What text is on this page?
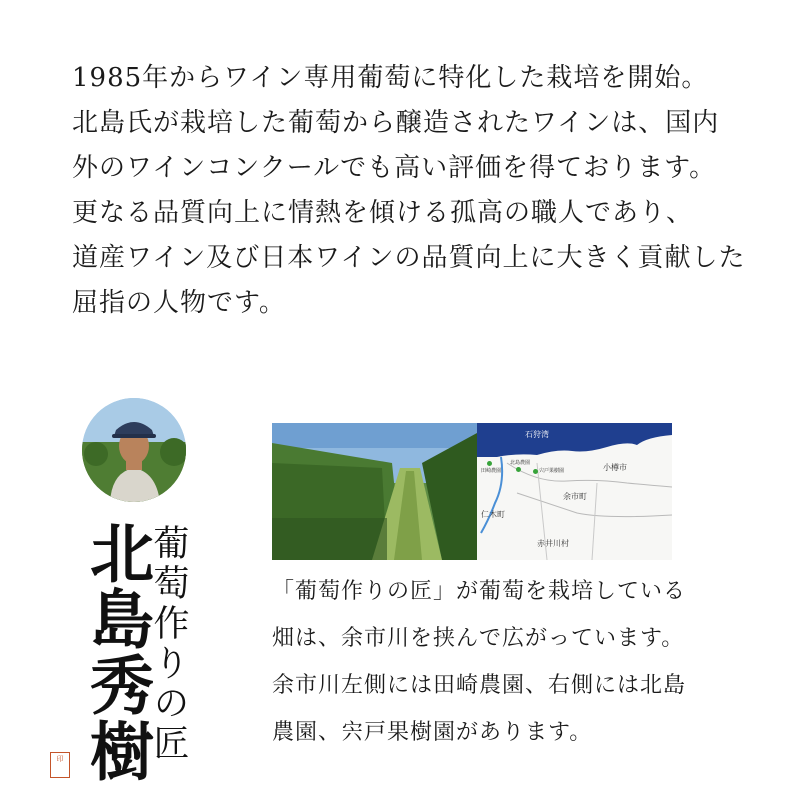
1985年からワイン専用葡萄に特化した栽培を開始。

北島氏が栽培した葡萄から醸造されたワインは、国内

外のワインコンクールでも高い評価を得ております。

更なる品質向上に情熱を傾ける孤高の職人であり、

道産ワイン及び日本ワインの品質向上に大きく貢献した

屈指の人物です。

北島秀樹
葡萄作りの匠
印
石狩湾
北島農園
田崎農園	宍戸果樹園	小樽市
余市町
仁木町
赤井川村

「葡萄作りの匠」が葡萄を栽培している

畑は、余市川を挟んで広がっています。

余市川左側には田崎農園、右側には北島

農園、宍戸果樹園があります。
